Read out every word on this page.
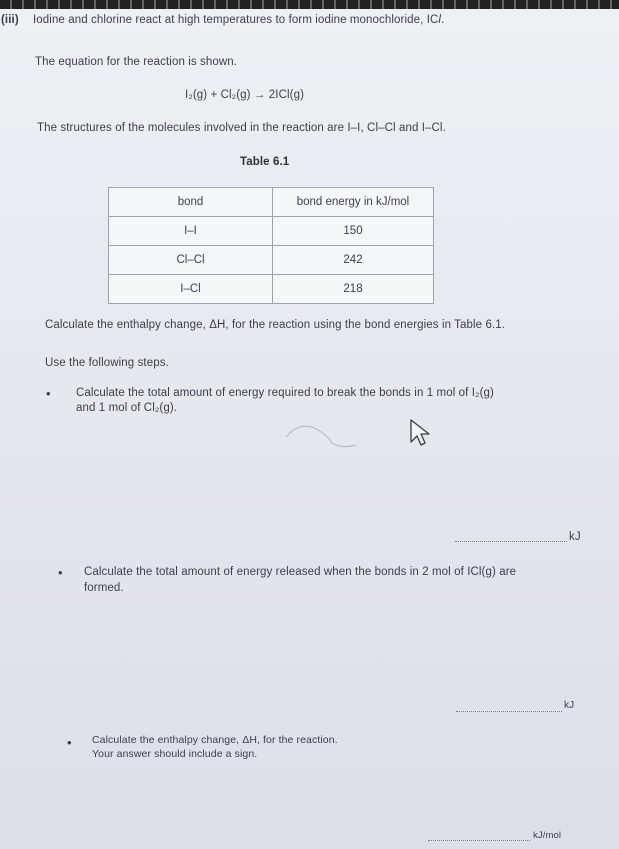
(iii) Iodine and chlorine react at high temperatures to form iodine monochloride, ICl.
The equation for the reaction is shown.
I₂(g) + Cl₂(g) → 2ICl(g)
The structures of the molecules involved in the reaction are I–I, Cl–Cl and I–Cl.
Table 6.1
bond	bond energy in kJ/mol
I–I	150
Cl–Cl	242
I–Cl	218
Calculate the enthalpy change, ΔH, for the reaction using the bond energies in Table 6.1.
Use the following steps.
• Calculate the total amount of energy required to break the bonds in 1 mol of I₂(g)
and 1 mol of Cl₂(g).
kJ
• Calculate the total amount of energy released when the bonds in 2 mol of ICl(g) are
formed.
kJ
• Calculate the enthalpy change, ΔH, for the reaction.
Your answer should include a sign.
kJ/mol
